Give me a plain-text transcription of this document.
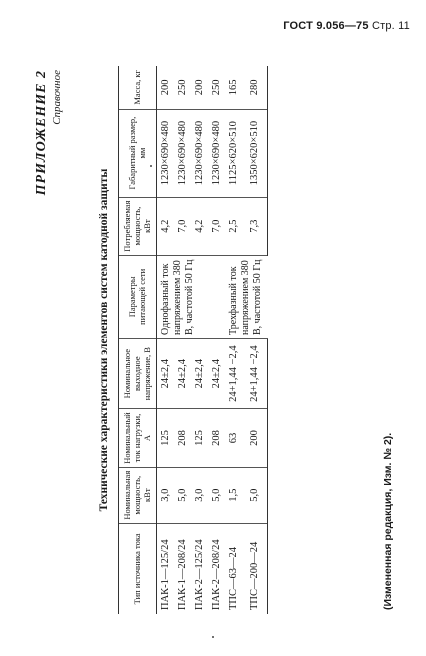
ГОСТ 9.056—75 Стр. 11
ПРИЛОЖЕНИЕ 2 Справочное
Технические характеристики элементов систем катодной защиты
Тип источника тока	Номинальная мощность, кВт	Номинальный ток нагрузки, А	Номинальное выходное напряжение, В	Параметры питающей сети	Потребляемая мощность, кВт	Габаритный размер, мм	Масса, кг
ПАК-1—125/24	3,0	125	24±2,4	Однофазный ток напряжением 380 В, частотой 50 Гц	4,2	1230×690×480	200
ПАК-1—208/24	5,0	208	24±2,4		7,0	1230×690×480	250
ПАК-2—125/24	3,0	125	24±2,4		4,2	1230×690×480	200
ПАК-2—208/24	5,0	208	24±2,4		7,0	1230×690×480	250
ТПС—63—24	1,5	63	24+1,44 −2,4	Трехфазный ток напряжением 380 В, частотой 50 Гц	2,5	1125×620×510	165
ТПС—200—24	5,0	200	24+1,44 −2,4		7,3	1350×620×510	280
(Измененная редакция, Изм. № 2).
